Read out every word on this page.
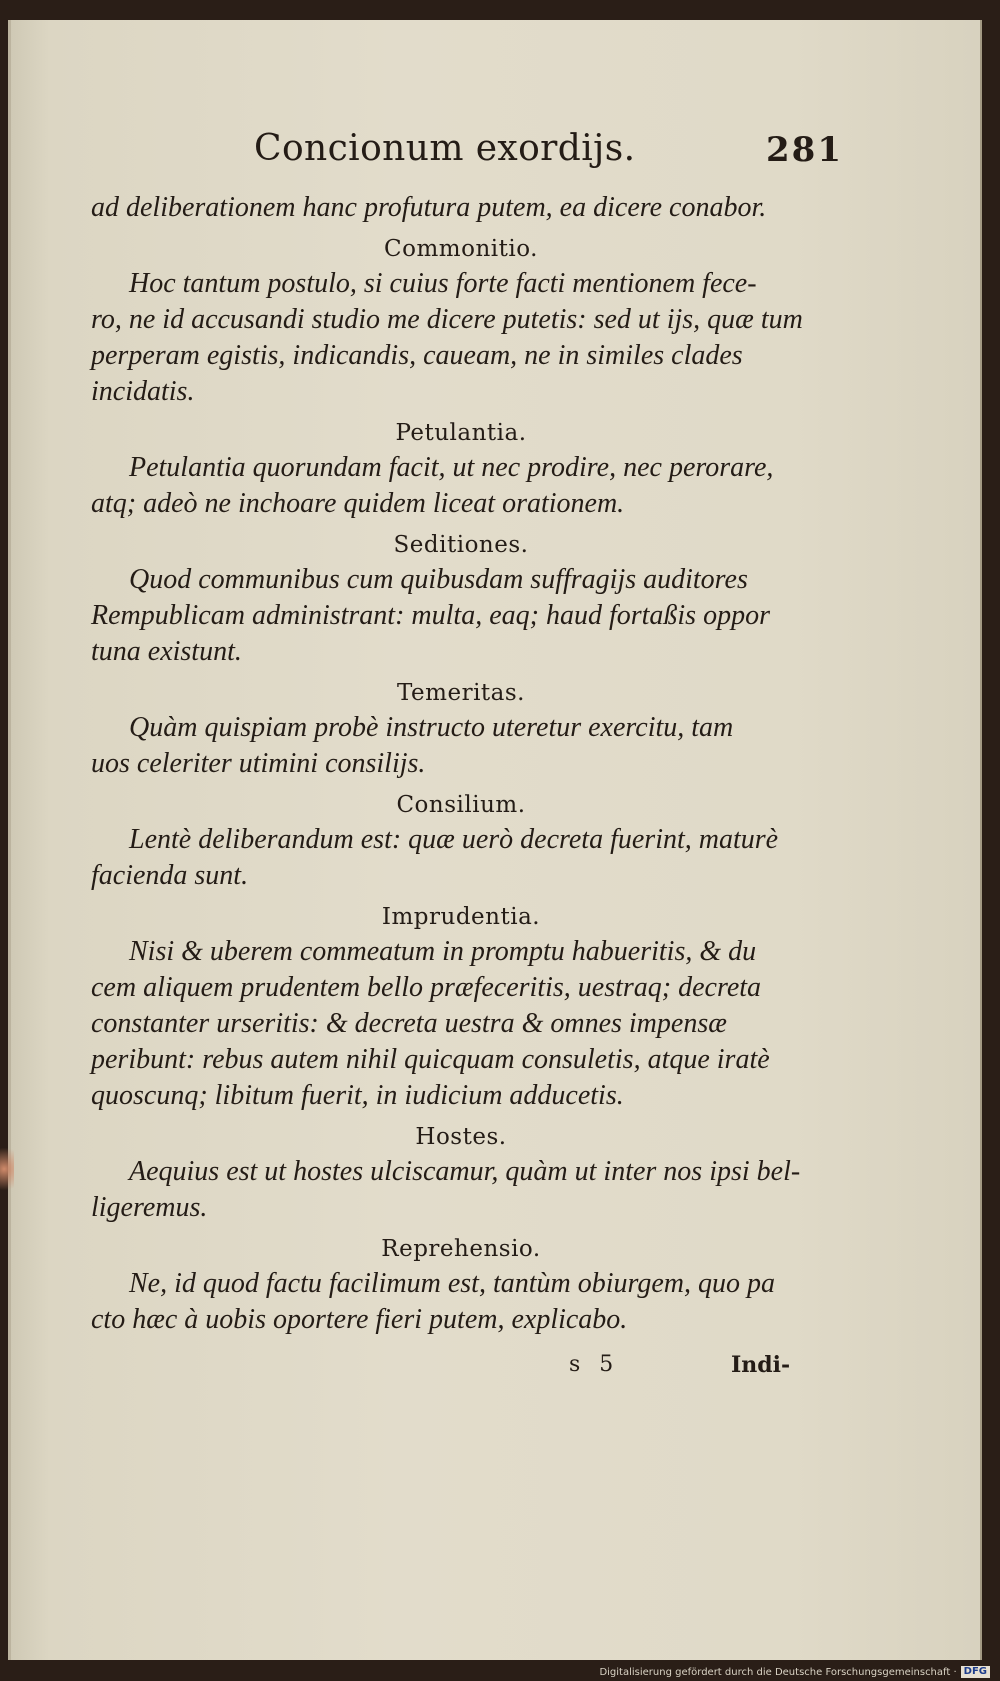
Concionum exordijs.	281
ad deliberationem hanc profutura putem, ea dicere conabor.
Commonitio.
Hoc tantum postulo, si cuius forte facti mentionem fece-
ro, ne id accusandi studio me dicere putetis: sed ut ijs, quæ tum
perperam egistis, indicandis, caueam, ne in similes clades
incidatis.
Petulantia.
Petulantia quorundam facit, ut nec prodire, nec perorare,
atq; adeò ne inchoare quidem liceat orationem.
Seditiones.
Quod communibus cum quibusdam suffragijs auditores
Rempublicam administrant: multa, eaq; haud fortaßis oppor
tuna existunt.
Temeritas.
Quàm quispiam probè instructo uteretur exercitu, tam
uos celeriter utimini consilijs.
Consilium.
Lentè deliberandum est: quæ uerò decreta fuerint, maturè
facienda sunt.
Imprudentia.
Nisi & uberem commeatum in promptu habueritis, & du
cem aliquem prudentem bello præfeceritis, uestraq; decreta
constanter urseritis: & decreta uestra & omnes impensæ
peribunt: rebus autem nihil quicquam consuletis, atque iratè
quoscunq; libitum fuerit, in iudicium adducetis.
Hostes.
Aequius est ut hostes ulciscamur, quàm ut inter nos ipsi bel-
ligeremus.
Reprehensio.
Ne, id quod factu facilimum est, tantùm obiurgem, quo pa
cto hæc à uobis oportere fieri putem, explicabo.
s 5	Indi-
Digitalisierung gefördert durch die Deutsche Forschungsgemeinschaft · DFG
